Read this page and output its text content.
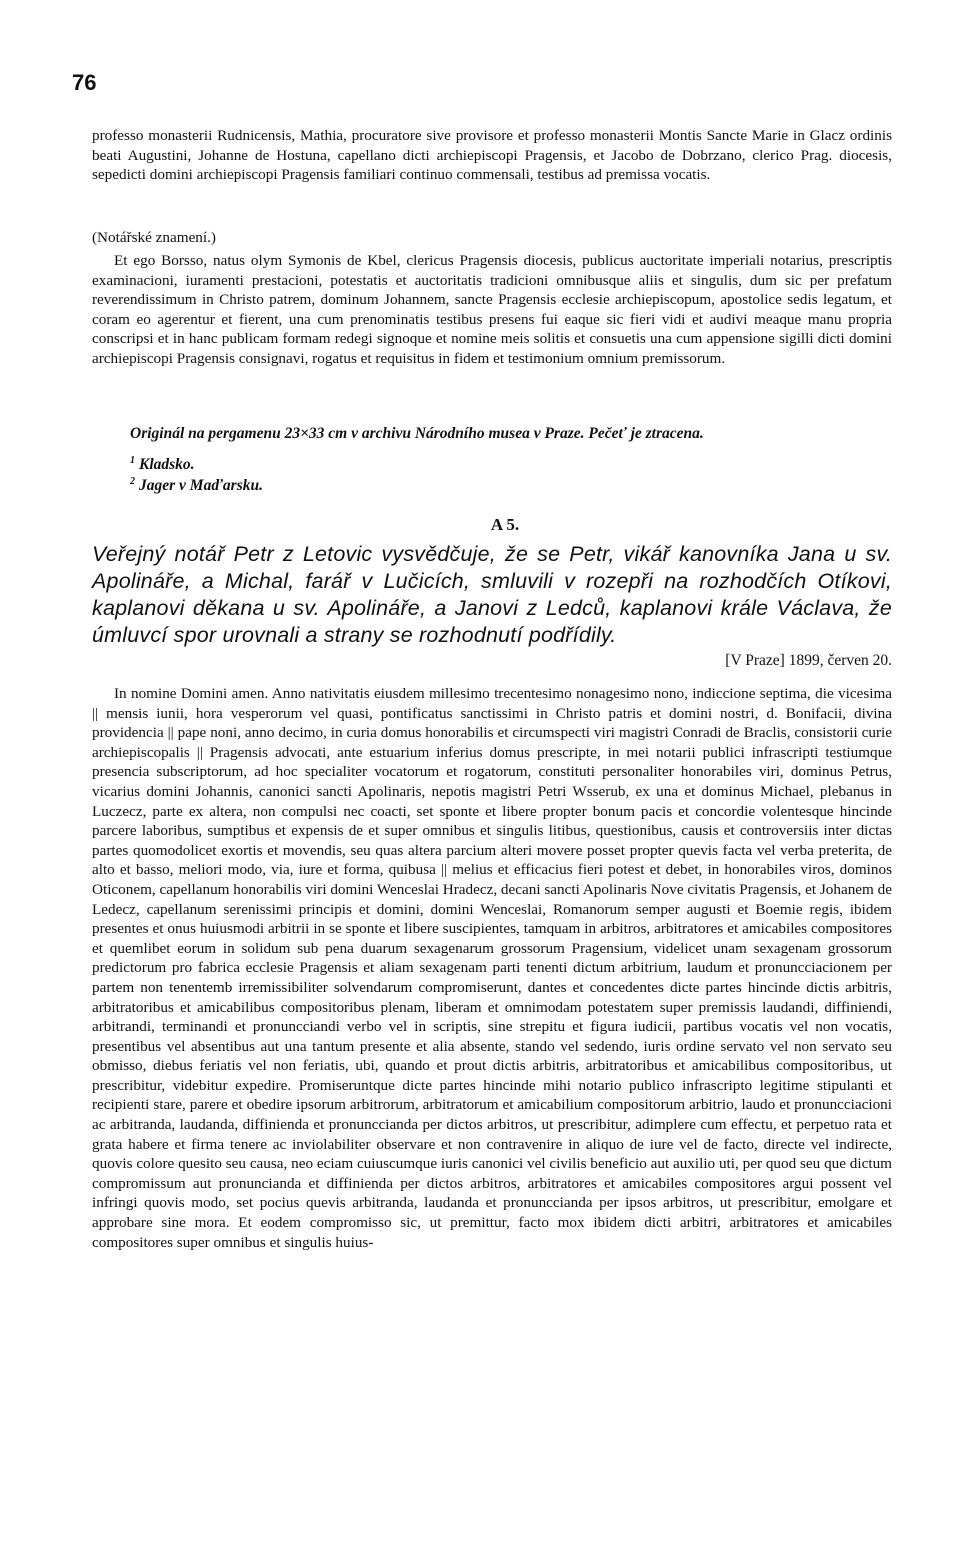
76

professo monasterii Rudnicensis, Mathia, procuratore sive provisore et professo monasterii Montis Sancte Marie in Glacz ordinis beati Augustini, Johanne de Hostuna, capellano dicti archiepiscopi Pragensis, et Jacobo de Dobrzano, clerico Prag. diocesis, sepedicti domini archiepiscopi Pragensis familiari continuo commensali, testibus ad premissa vocatis.

(Notářské znamení.)

Et ego Borsso, natus olym Symonis de Kbel, clericus Pragensis diocesis, publicus auctoritate imperiali notarius, prescriptis examinacioni, iuramenti prestacioni, potestatis et auctoritatis tradicioni omnibusque aliis et singulis, dum sic per prefatum reverendissimum in Christo patrem, dominum Johannem, sancte Pragensis ecclesie archiepiscopum, apostolice sedis legatum, et coram eo agerentur et fierent, una cum prenominatis testibus presens fui eaque sic fieri vidi et audivi meaque manu propria conscripsi et in hanc publicam formam redegi signoque et nomine meis solitis et consuetis una cum appensione sigilli dicti domini archiepiscopi Pragensis consignavi, rogatus et requisitus in fidem et testimonium omnium premissorum.

Originál na pergamenu 23×33 cm v archivu Národního musea v Praze. Pečeť je ztracena.

$^1$ Kladsko.

$^2$ Jager v Maďarsku.

A 5.

Veřejný notář Petr z Letovic vysvědčuje, že se Petr, vikář kanovníka Jana u sv. Apolináře, a Michal, farář v Lučicích, smluvili v rozepři na rozhodčích Otíkovi, kaplanovi děkana u sv. Apolináře, a Janovi z Ledců, kaplanovi krále Václava, že úmluvcí spor urovnali a strany se rozhodnutí podřídily.

[V Praze] 1899, červen 20.

In nomine Domini amen. Anno nativitatis eiusdem millesimo trecentesimo nonagesimo nono, indiccione septima, die vicesima || mensis iunii, hora vesperorum vel quasi, pontificatus sanctissimi in Christo patris et domini nostri, d. Bonifacii, divina providencia || pape noni, anno decimo, in curia domus honorabilis et circumspecti viri magistri Conradi de Braclis, consistorii curie archiepiscopalis || Pragensis advocati, ante estuarium inferius domus prescripte, in mei notarii publici infrascripti testiumque presencia subscriptorum, ad hoc specialiter vocatorum et rogatorum, constituti personaliter honorabiles viri, dominus Petrus, vicarius domini Johannis, canonici sancti Apolinaris, nepotis magistri Petri Wsserub, ex una et dominus Michael, plebanus in Luczecz, parte ex altera, non compulsi nec coacti, set sponte et libere propter bonum pacis et concordie volentesque hincinde parcere laboribus, sumptibus et expensis de et super omnibus et singulis litibus, questionibus, causis et controversiis inter dictas partes quomodolicet exortis et movendis, seu quas altera parcium alteri movere posset propter quevis facta vel verba preterita, de alto et basso, meliori modo, via, iure et forma, quibusa || melius et efficacius fieri potest et debet, in honorabiles viros, dominos Oticonem, capellanum honorabilis viri domini Wenceslai Hradecz, decani sancti Apolinaris Nove civitatis Pragensis, et Johanem de Ledecz, capellanum serenissimi principis et domini, domini Wenceslai, Romanorum semper augusti et Boemie regis, ibidem presentes et onus huiusmodi arbitrii in se sponte et libere suscipientes, tamquam in arbitros, arbitratores et amicabiles compositores et quemlibet eorum in solidum sub pena duarum sexagenarum grossorum Pragensium, videlicet unam sexagenam grossorum predictorum pro fabrica ecclesie Pragensis et aliam sexagenam parti tenenti dictum arbitrium, laudum et pronuncciacionem per partem non tenentemb irremissibiliter solvendarum compromiserunt, dantes et concedentes dicte partes hincinde dictis arbitris, arbitratoribus et amicabilibus compositoribus plenam, liberam et omnimodam potestatem super premissis laudandi, diffiniendi, arbitrandi, terminandi et pronuncciandi verbo vel in scriptis, sine strepitu et figura iudicii, partibus vocatis vel non vocatis, presentibus vel absentibus aut una tantum presente et alia absente, stando vel sedendo, iuris ordine servato vel non servato seu obmisso, diebus feriatis vel non feriatis, ubi, quando et prout dictis arbitris, arbitratoribus et amicabilibus compositoribus, ut prescribitur, videbitur expedire. Promiseruntque dicte partes hincinde mihi notario publico infrascripto legitime stipulanti et recipienti stare, parere et obedire ipsorum arbitrorum, arbitratorum et amicabilium compositorum arbitrio, laudo et pronuncciacioni ac arbitranda, laudanda, diffinienda et pronuncciandа per dictos arbitros, ut prescribitur, adimplere cum effectu, et perpetuo rata et grata habere et firma tenere ac inviolabiliter observare et non contravenire in aliquo de iure vel de facto, directe vel indirecte, quovis colore quesito seu causa, neo eciam cuiuscumque iuris canonici vel civilis beneficio aut auxilio uti, per quod seu que dictum compromissum aut pronuncianda et diffinienda per dictos arbitros, arbitratores et amicabiles compositores argui possent vel infringi quovis modo, set pocius quevis arbitranda, laudanda et pronuncciandа per ipsos arbitros, ut prescribitur, emolgare et approbare sine mora. Et eodem compromisso sic, ut premittur, facto mox ibidem dicti arbitri, arbitratores et amicabiles compositores super omnibus et singulis huius-
